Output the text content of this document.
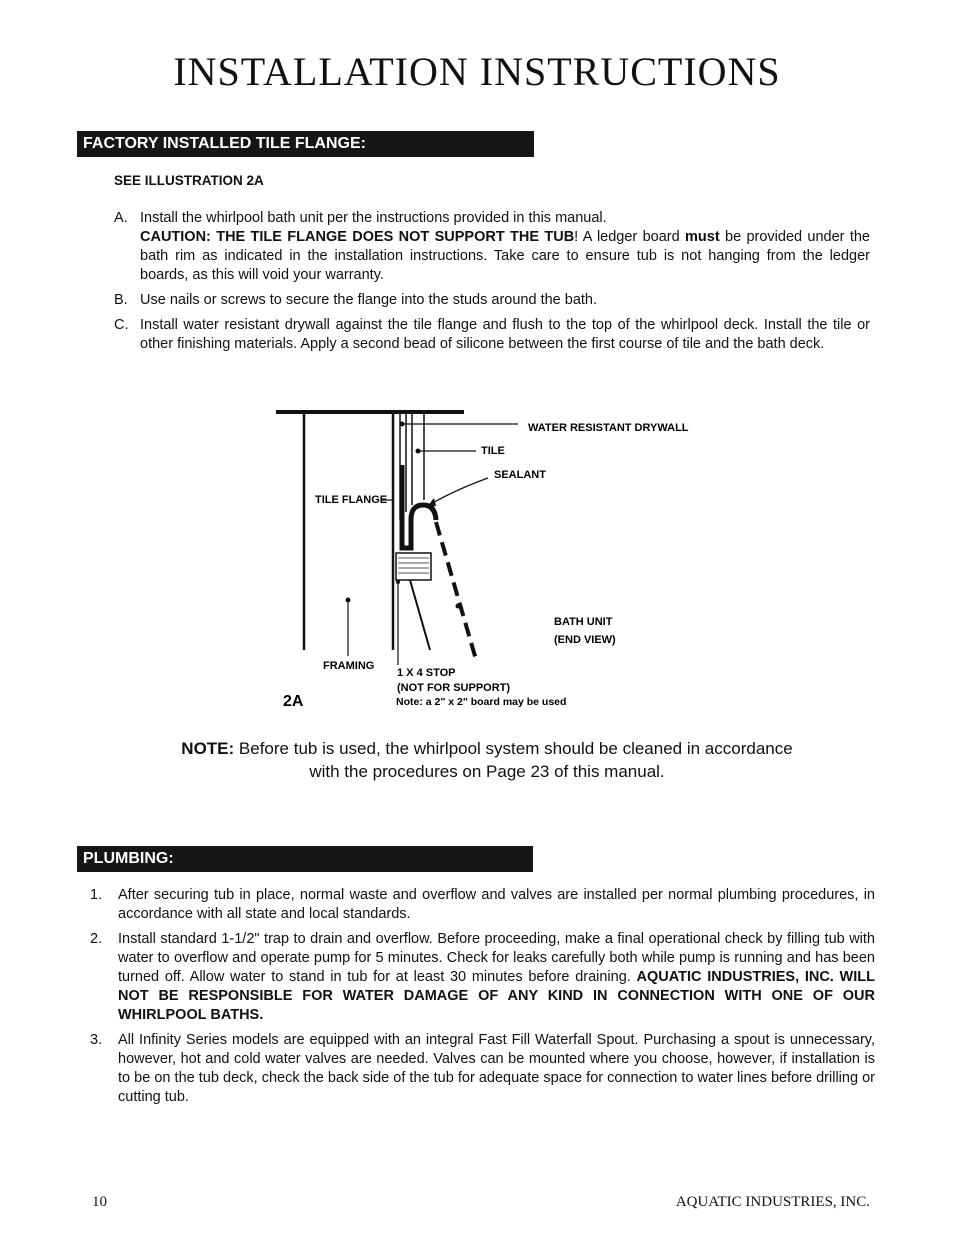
INSTALLATION INSTRUCTIONS
FACTORY INSTALLED TILE FLANGE:
SEE ILLUSTRATION 2A
A. Install the whirlpool bath unit per the instructions provided in this manual.
CAUTION: THE TILE FLANGE DOES NOT SUPPORT THE TUB! A ledger board must be provided under the bath rim as indicated in the installation instructions. Take care to ensure tub is not hanging from the ledger boards, as this will void your warranty.
B. Use nails or screws to secure the flange into the studs around the bath.
C. Install water resistant drywall against the tile flange and flush to the top of the whirlpool deck. Install the tile or other finishing materials. Apply a second bead of silicone between the first course of tile and the bath deck.
WATER RESISTANT DRYWALL
TILE
SEALANT
TILE FLANGE
BATH UNIT
(END VIEW)
FRAMING
1 X 4 STOP
(NOT FOR SUPPORT)
Note: a 2" x 2" board may be used
2A
NOTE: Before tub is used, the whirlpool system should be cleaned in accordance
with the procedures on Page 23 of this manual.
PLUMBING:
1.	After securing tub in place, normal waste and overflow and valves are installed per normal plumbing procedures, in accordance with all state and local standards.
2.	Install standard 1-1/2" trap to drain and overflow. Before proceeding, make a final operational check by filling tub with water to overflow and operate pump for 5 minutes. Check for leaks carefully both while pump is running and has been turned off. Allow water to stand in tub for at least 30 minutes before draining. AQUATIC INDUSTRIES, INC. WILL NOT BE RESPONSIBLE FOR WATER DAMAGE OF ANY KIND IN CONNECTION WITH ONE OF OUR WHIRLPOOL BATHS.
3.	All Infinity Series models are equipped with an integral Fast Fill Waterfall Spout. Purchasing a spout is unnecessary, however, hot and cold water valves are needed. Valves can be mounted where you choose, however, if installation is to be on the tub deck, check the back side of the tub for adequate space for connection to water lines before drilling or cutting tub.
10	AQUATIC INDUSTRIES, INC.
